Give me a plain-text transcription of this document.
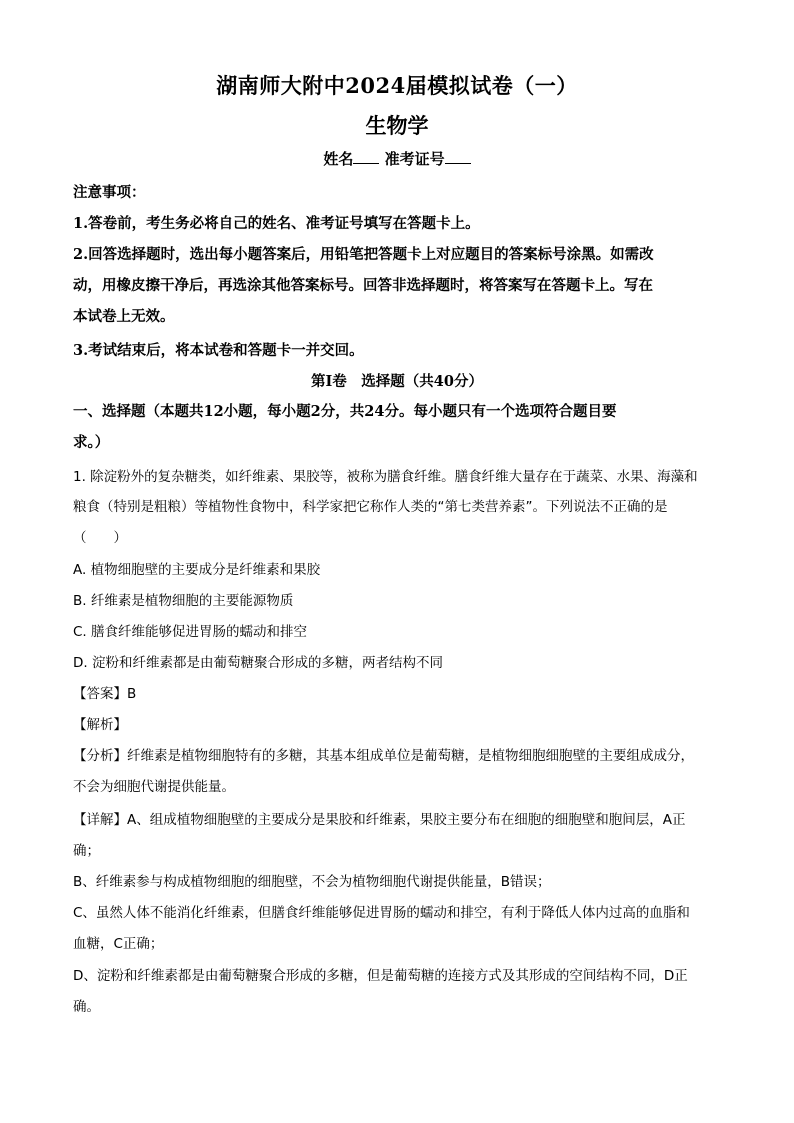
湖南师大附中2024届模拟试卷（一）
生物学
姓名 准考证号
注意事项：
1.答卷前，考生务必将自己的姓名、准考证号填写在答题卡上。
2.回答选择题时，选出每小题答案后，用铅笔把答题卡上对应题目的答案标号涂黑。如需改
动，用橡皮擦干净后，再选涂其他答案标号。回答非选择题时，将答案写在答题卡上。写在
本试卷上无效。
3.考试结束后，将本试卷和答题卡一并交回。
第Ⅰ卷　选择题（共40分）
一、选择题（本题共12小题，每小题2分，共24分。每小题只有一个选项符合题目要
求。）
1. 除淀粉外的复杂糖类，如纤维素、果胶等，被称为膳食纤维。膳食纤维大量存在于蔬菜、水果、海藻和
粮食（特别是粗粮）等植物性食物中，科学家把它称作人类的“第七类营养素”。下列说法不正确的是
（　　）
A. 植物细胞壁的主要成分是纤维素和果胶
B. 纤维素是植物细胞的主要能源物质
C. 膳食纤维能够促进胃肠的蠕动和排空
D. 淀粉和纤维素都是由葡萄糖聚合形成的多糖，两者结构不同
【答案】B
【解析】
【分析】纤维素是植物细胞特有的多糖，其基本组成单位是葡萄糖，是植物细胞细胞壁的主要组成成分，
不会为细胞代谢提供能量。
【详解】A、组成植物细胞壁的主要成分是果胶和纤维素，果胶主要分布在细胞的细胞壁和胞间层，A正
确；
B、纤维素参与构成植物细胞的细胞壁，不会为植物细胞代谢提供能量，B错误；
C、虽然人体不能消化纤维素，但膳食纤维能够促进胃肠的蠕动和排空，有利于降低人体内过高的血脂和
血糖，C正确；
D、淀粉和纤维素都是由葡萄糖聚合形成的多糖，但是葡萄糖的连接方式及其形成的空间结构不同，D正
确。
